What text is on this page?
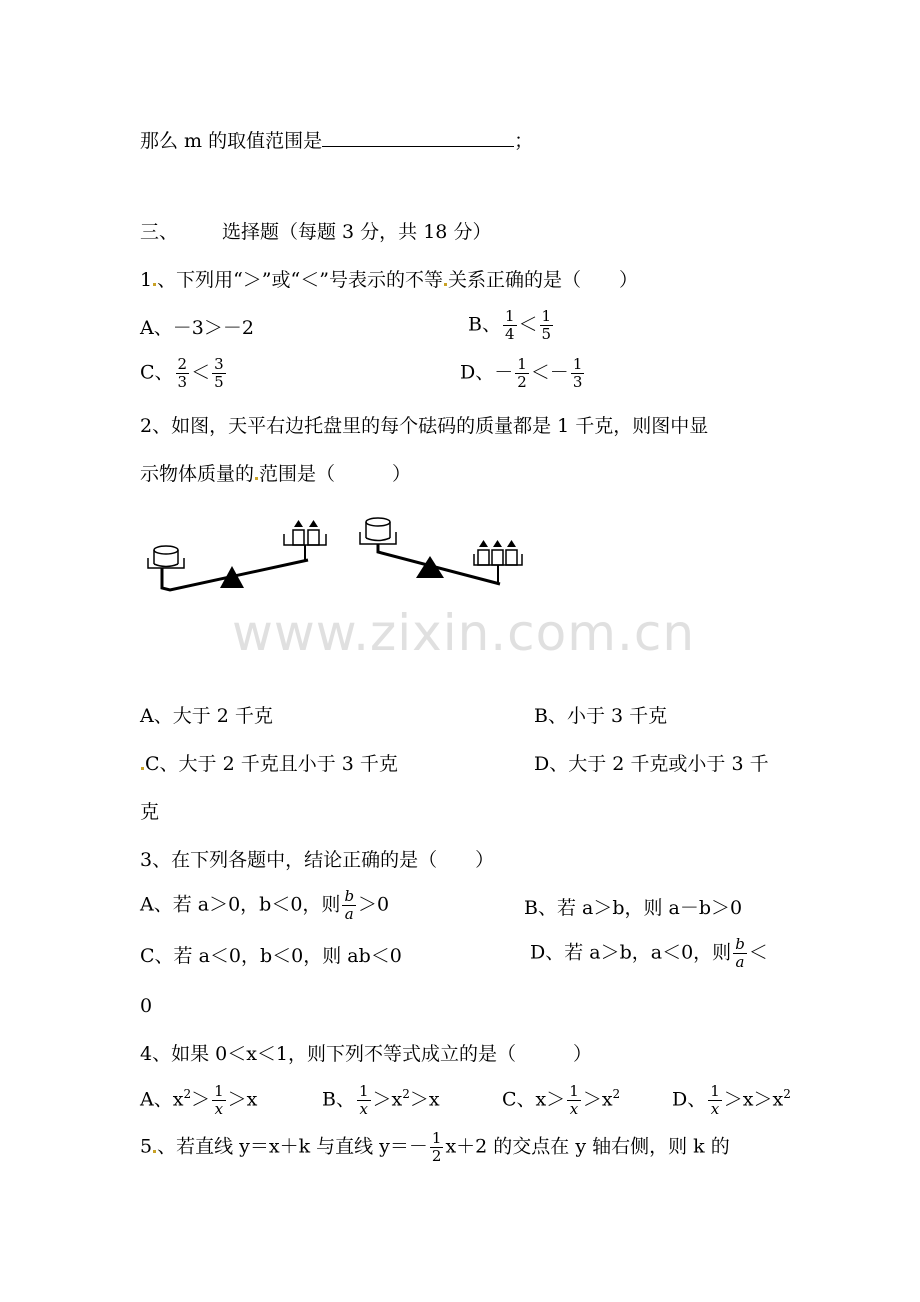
那么 m 的取值范围是	；
三、 选择题（每题 3 分，共 18 分）
1 、下列用“＞”或“＜”号表示的不等 关系正确的是（　　）
A、－3＞－2	B、 $\frac{1}{4} < \frac{1}{5}$
C、 $\frac{2}{3} < \frac{3}{5}$	D、－ $\frac{1}{2} <- \frac{1}{3}$
2、如图，天平右边托盘里的每个砝码的质量都是 1 千克，则图中显
示物体质量的 范围是（　　　）
www.zixin.com.cn
A、大于 2 千克	B、小于 3 千克
C、大于 2 千克且小于 3 千克	D、大于 2 千克或小于 3 千
克
3、在下列各题中，结论正确的是（　　）
A、若 a＞0，b＜0，则 $\frac{b}{a} >0$	B、若 a＞b，则 a－b＞0
C、若 a＜0，b＜0，则 ab＜0	D、若 a＞b，a＜0，则 $\frac{b}{a}$ ＜
0
4、如果 0＜x＜1，则下列不等式成立的是（　　　）
A、$x^2> \frac{1}{x} >x$	B、 $\frac{1}{x} >x^2>x$	C、$x> \frac{1}{x} >x^2$	D、 $\frac{1}{x} >x>x^2$
5 、若直线 y＝x＋k 与直线 $y=- \frac{1}{2} x+2$ 的交点在 y 轴右侧，则 k 的
